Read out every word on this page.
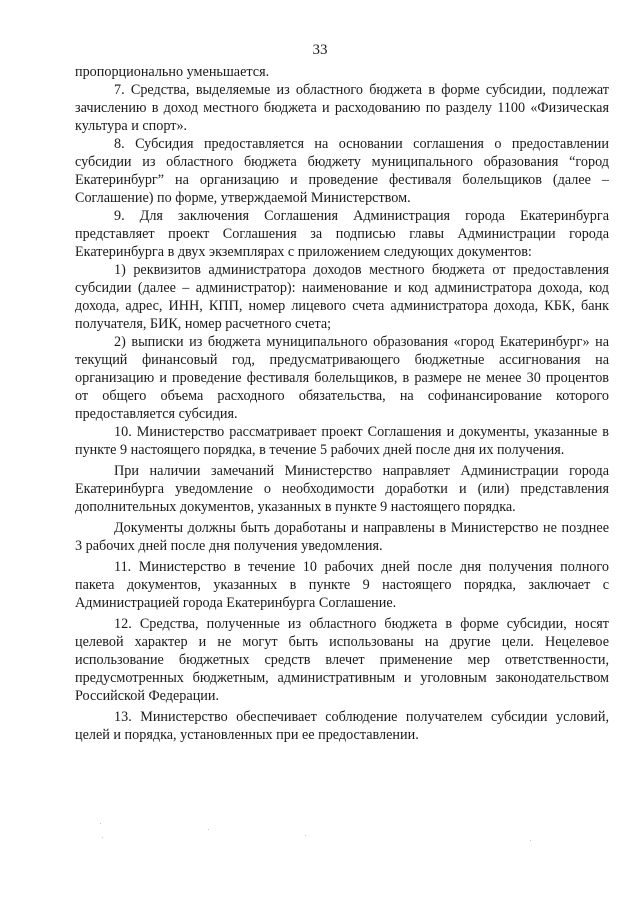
33

пропорционально уменьшается.

7. Средства, выделяемые из областного бюджета в форме субсидии, подлежат зачислению в доход местного бюджета и расходованию по разделу 1100 «Физическая культура и спорт».

8. Субсидия предоставляется на основании соглашения о предоставлении субсидии из областного бюджета бюджету муниципального образования “город Екатеринбург” на организацию и проведение фестиваля болельщиков (далее – Соглашение) по форме, утверждаемой Министерством.

9. Для заключения Соглашения Администрация города Екатеринбурга представляет проект Соглашения за подписью главы Администрации города Екатеринбурга в двух экземплярах с приложением следующих документов:

1) реквизитов администратора доходов местного бюджета от предоставления субсидии (далее – администратор): наименование и код администратора дохода, код дохода, адрес, ИНН, КПП, номер лицевого счета администратора дохода, КБК, банк получателя, БИК, номер расчетного счета;

2) выписки из бюджета муниципального образования «город Екатеринбург» на текущий финансовый год, предусматривающего бюджетные ассигнования на организацию и проведение фестиваля болельщиков, в размере не менее 30 процентов от общего объема расходного обязательства, на софинансирование которого предоставляется субсидия.

10. Министерство рассматривает проект Соглашения и документы, указанные в пункте 9 настоящего порядка, в течение 5 рабочих дней после дня их получения.

При наличии замечаний Министерство направляет Администрации города Екатеринбурга уведомление о необходимости доработки и (или) представления дополнительных документов, указанных в пункте 9 настоящего порядка.

Документы должны быть доработаны и направлены в Министерство не позднее 3 рабочих дней после дня получения уведомления.

11. Министерство в течение 10 рабочих дней после дня получения полного пакета документов, указанных в пункте 9 настоящего порядка, заключает с Администрацией города Екатеринбурга Соглашение.

12. Средства, полученные из областного бюджета в форме субсидии, носят целевой характер и не могут быть использованы на другие цели. Нецелевое использование бюджетных средств влечет применение мер ответственности, предусмотренных бюджетным, административным и уголовным законодательством Российской Федерации.

13. Министерство обеспечивает соблюдение получателем субсидии условий, целей и порядка, установленных при ее предоставлении.
